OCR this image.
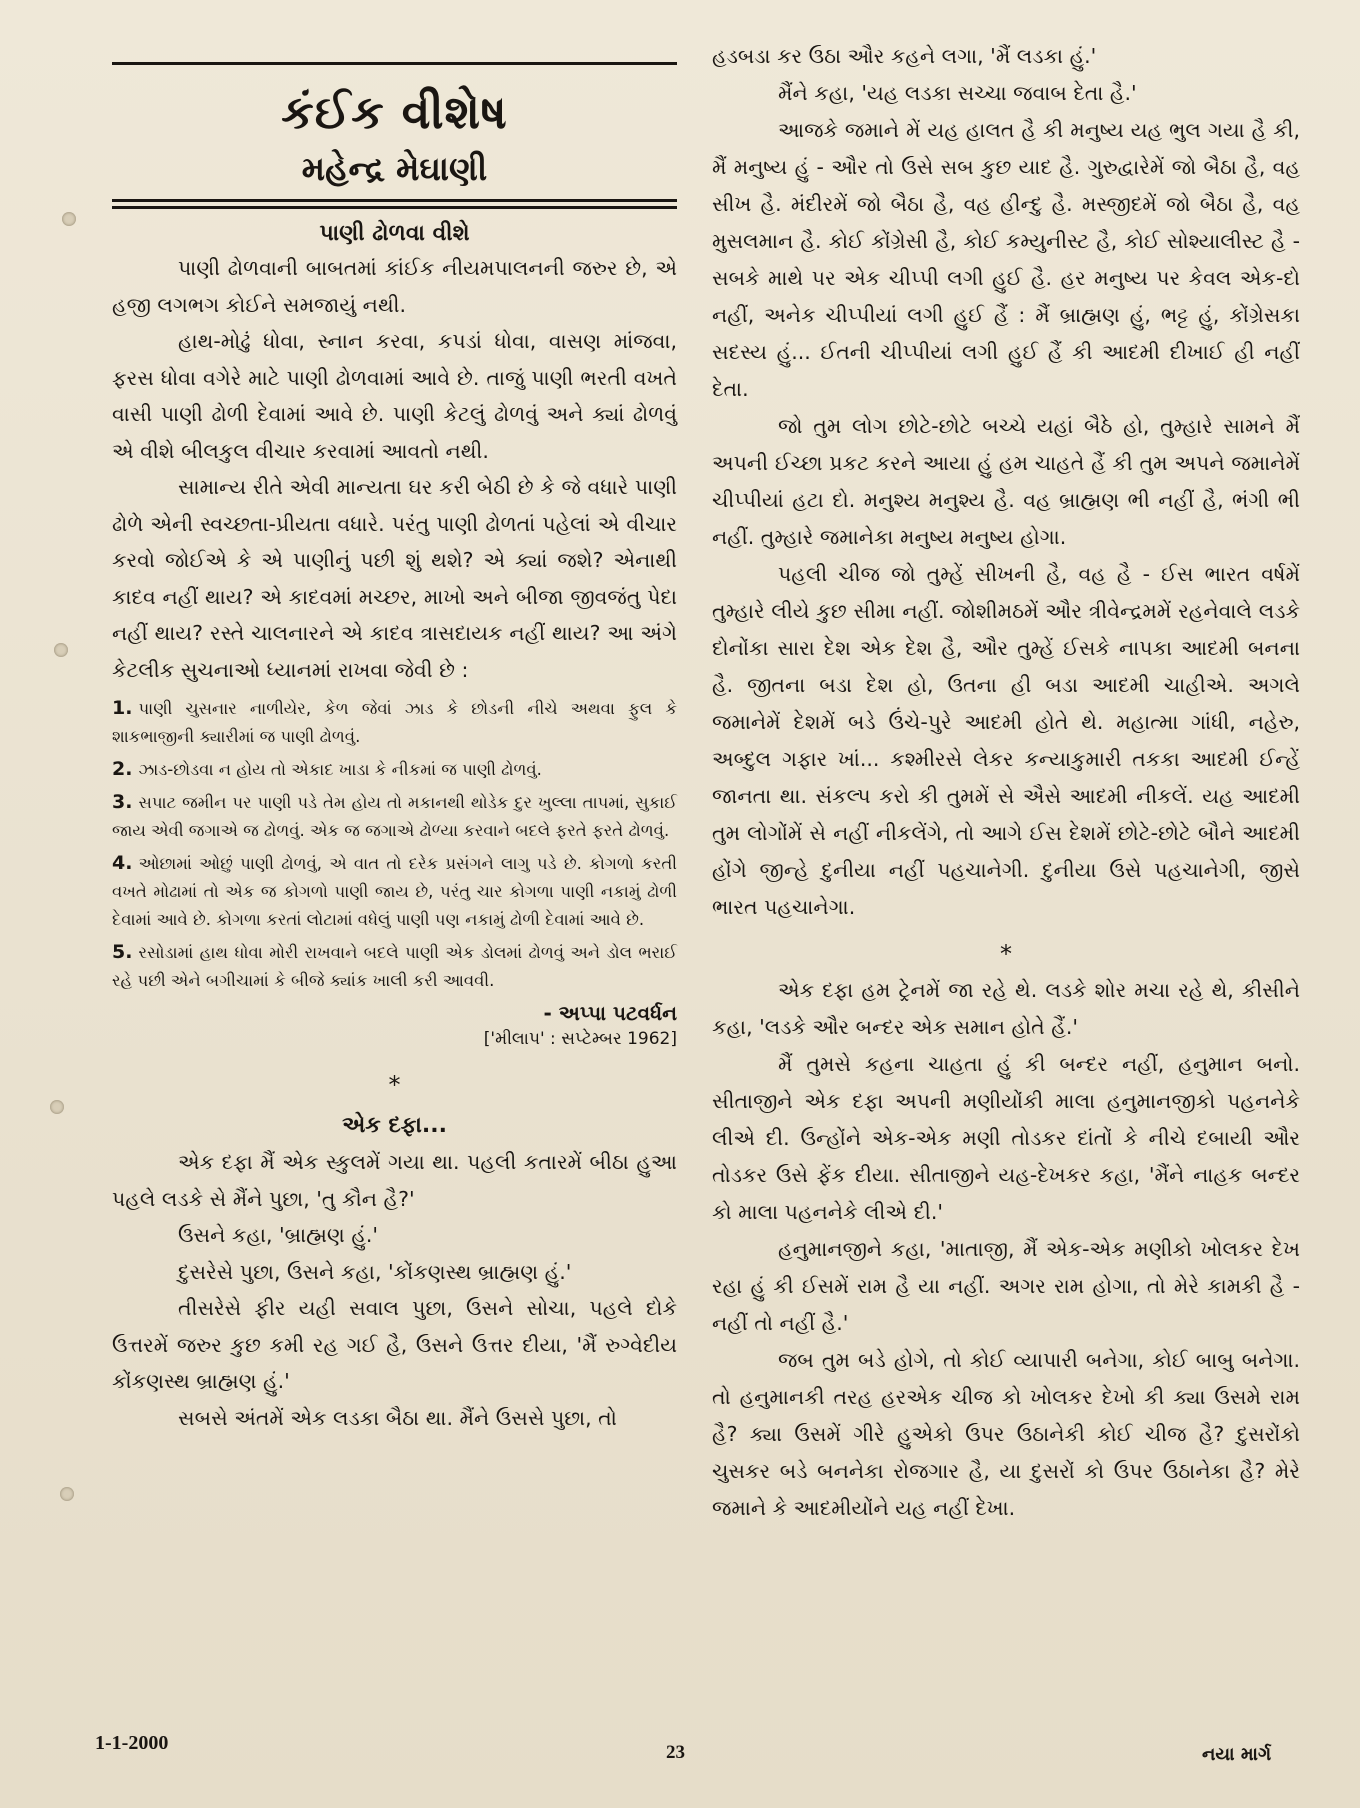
કંઈક વીશેષ
મહેન્દ્ર મેઘાણી
પાણી ઢોળવા વીશે

પાણી ઢોળવાની બાબતમાં કાંઈક નીયમપાલનની જરુર છે, એ હજી લગભગ કોઈને સમજાયું નથી.

હાથ-મોઢું ધોવા, સ્નાન કરવા, કપડાં ધોવા, વાસણ માંજવા, ફરસ ધોવા વગેરે માટે પાણી ઢોળવામાં આવે છે. તાજું પાણી ભરતી વખતે વાસી પાણી ઢોળી દેવામાં આવે છે. પાણી કેટલું ઢોળવું અને ક્યાં ઢોળવું એ વીશે બીલકુલ વીચાર કરવામાં આવતો નથી.

સામાન્ય રીતે એવી માન્યતા ઘર કરી બેઠી છે કે જે વધારે પાણી ઢોળે એની સ્વચ્છતા-પ્રીયતા વધારે. પરંતુ પાણી ઢોળતાં પહેલાં એ વીચાર કરવો જોઈએ કે એ પાણીનું પછી શું થશે? એ ક્યાં જશે? એનાથી કાદવ નહીં થાય? એ કાદવમાં મચ્છર, માખો અને બીજા જીવજંતુ પેદા નહીં થાય? રસ્તે ચાલનારને એ કાદવ ત્રાસદાયક નહીં થાય? આ અંગે કેટલીક સુચનાઓ ધ્યાનમાં રાખવા જેવી છે :

1. પાણી ચુસનાર નાળીયેર, કેળ જેવાં ઝાડ કે છોડની નીચે અથવા ફુલ કે શાકભાજીની ક્યારીમાં જ પાણી ઢોળવું.
2. ઝાડ-છોડવા ન હોય તો એકાદ ખાડા કે નીકમાં જ પાણી ઢોળવું.
3. સપાટ જમીન પર પાણી પડે તેમ હોય તો મકાનથી થોડેક દુર ખુલ્લા તાપમાં, સુકાઈ જાય એવી જગાએ જ ઢોળવું. એક જ જગાએ ઢોળ્યા કરવાને બદલે ફરતે ફરતે ઢોળવું.
4. ઓછામાં ઓછું પાણી ઢોળવું, એ વાત તો દરેક પ્રસંગને લાગુ પડે છે. કોગળો કરતી વખતે મોઢામાં તો એક જ કોગળો પાણી જાય છે, પરંતુ ચાર કોગળા પાણી નકામું ઢોળી દેવામાં આવે છે. કોગળા કરતાં લોટામાં વધેલું પાણી પણ નકામું ઢોળી દેવામાં આવે છે.
5. રસોડામાં હાથ ધોવા મોરી રાખવાને બદલે પાણી એક ડોલમાં ઢોળવું અને ડોલ ભરાઈ રહે પછી એને બગીચામાં કે બીજે ક્યાંક ખાલી કરી આવવી.
- અપ્પા પટવર્ધન
['મીલાપ' : સપ્ટેમ્બર 1962]
*
એક દફા...

એક દફા મૈં એક સ્કુલમેં ગયા થા. પહલી કતારમેં બીઠા હુઆ પહલે લડકે સે મૈંને પુછા, 'તુ કૌન હૈ?'

ઉસને કહા, 'બ્રાહ્મણ હું.'

દુસરેસે પુછા, ઉસને કહા, 'કોંકણસ્થ બ્રાહ્મણ હું.'

તીસરેસે ફીર યહી સવાલ પુછા, ઉસને સોચા, પહલે દોકે ઉત્તરમેં જરુર કુછ કમી રહ ગઈ હૈ, ઉસને ઉત્તર દીયા, 'મૈં રુગ્વેદીય કોંકણસ્થ બ્રાહ્મણ હું.'

સબસે અંતમેં એક લડકા બૈઠા થા. મૈંને ઉસસે પુછા, તો

હડબડા કર ઉઠા ઔર કહને લગા, 'મૈં લડકા હું.'

મૈંને કહા, 'યહ લડકા સચ્ચા જવાબ દેતા હૈ.'

આજકે જમાને મેં યહ હાલત હૈ કી મનુષ્ય યહ ભુલ ગયા હૈ કી, મૈં મનુષ્ય હું - ઔર તો ઉસે સબ કુછ યાદ હૈ. ગુરુદ્વારેમેં જો બૈઠા હૈ, વહ સીખ હૈ. મંદીરમેં જો બૈઠા હૈ, વહ હીન્દુ હૈ. મસ્જીદમેં જો બૈઠા હૈ, વહ મુસલમાન હૈ. કોઈ કોંગ્રેસી હૈ, કોઈ કમ્યુનીસ્ટ હૈ, કોઈ સોશ્યાલીસ્ટ હૈ - સબકે માથે પર એક ચીપ્પી લગી હુઈ હૈ. હર મનુષ્ય પર કેવલ એક-દો નહીં, અનેક ચીપ્પીયાં લગી હુઈ હૈં : મૈં બ્રાહ્મણ હું, ભટ્ટ હું, કોંગ્રેસકા સદસ્ય હું... ઈતની ચીપ્પીયાં લગી હુઈ હૈં કી આદમી દીખાઈ હી નહીં દેતા.

જો તુમ લોગ છોટે-છોટે બચ્ચે યહાં બૈઠે હો, તુમ્હારે સામને મૈં અપની ઈચ્છા પ્રકટ કરને આયા હું હમ ચાહતે હૈં કી તુમ અપને જમાનેમેં ચીપ્પીયાં હટા દો. મનુશ્ય મનુશ્ય હૈ. વહ બ્રાહ્મણ ભી નહીં હૈ, ભંગી ભી નહીં. તુમ્હારે જમાનેકા મનુષ્ય મનુષ્ય હોગા.

પહલી ચીજ જો તુમ્હેં સીખની હૈ, વહ હૈ - ઈસ ભારત વર્ષમેં તુમ્હારે લીયે કુછ સીમા નહીં. જોશીમઠમેં ઔર ત્રીવેન્દ્રમમેં રહનેવાલે લડકે દોનોંકા સારા દેશ એક દેશ હૈ, ઔર તુમ્હેં ઈસકે નાપકા આદમી બનના હૈ. જીતના બડા દેશ હો, ઉતના હી બડા આદમી ચાહીએ. અગલે જમાનેમેં દેશમેં બડે ઉંચે-પુરે આદમી હોતે થે. મહાત્મા ગાંધી, નહેરુ, અબ્દુલ ગફાર ખાં... કશ્મીરસે લેકર કન્યાકુમારી તકકા આદમી ઈન્હેં જાનતા થા. સંકલ્પ કરો કી તુમમેં સે ઐસે આદમી નીકલેં. યહ આદમી તુમ લોગોંમેં સે નહીં નીકલેંગે, તો આગે ઈસ દેશમેં છોટે-છોટે બૌને આદમી હોંગે જીન્હે દુનીયા નહીં પહચાનેગી. દુનીયા ઉસે પહચાનેગી, જીસે ભારત પહચાનેગા.

*

એક દફા હમ ટ્રેનમેં જા રહે થે. લડકે શોર મચા રહે થે, કીસીને કહા, 'લડકે ઔર બન્દર એક સમાન હોતે હૈં.'

મૈં તુમસે કહના ચાહતા હું કી બન્દર નહીં, હનુમાન બનો. સીતાજીને એક દફા અપની મણીયોંકી માલા હનુમાનજીકો પહનનેકે લીએ દી. ઉન્હોંને એક-એક મણી તોડકર દાંતોં કે નીચે દબાયી ઔર તોડકર ઉસે ફેંક દીયા. સીતાજીને યહ-દેખકર કહા, 'મૈંને નાહક બન્દર કો માલા પહનનેકે લીએ દી.'

હનુમાનજીને કહા, 'માતાજી, મૈં એક-એક મણીકો ખોલકર દેખ રહા હું કી ઈસમેં રામ હૈ યા નહીં. અગર રામ હોગા, તો મેરે કામકી હૈ - નહીં તો નહીં હૈ.'

જબ તુમ બડે હોગે, તો કોઈ વ્યાપારી બનેગા, કોઈ બાબુ બનેગા. તો હનુમાનકી તરહ હરએક ચીજ કો ખોલકર દેખો કી ક્યા ઉસમે રામ હૈ? ક્યા ઉસમેં ગીરે હુએકો ઉપર ઉઠાનેકી કોઈ ચીજ હૈ? દુસરોંકો ચુસકર બડે બનનેકા રોજગાર હૈ, યા દુસરોં કો ઉપર ઉઠાનેકા હૈ? મેરે જમાને કે આદમીયોંને યહ નહીં દેખા.

1-1-2000	23	નયા માર્ગ
